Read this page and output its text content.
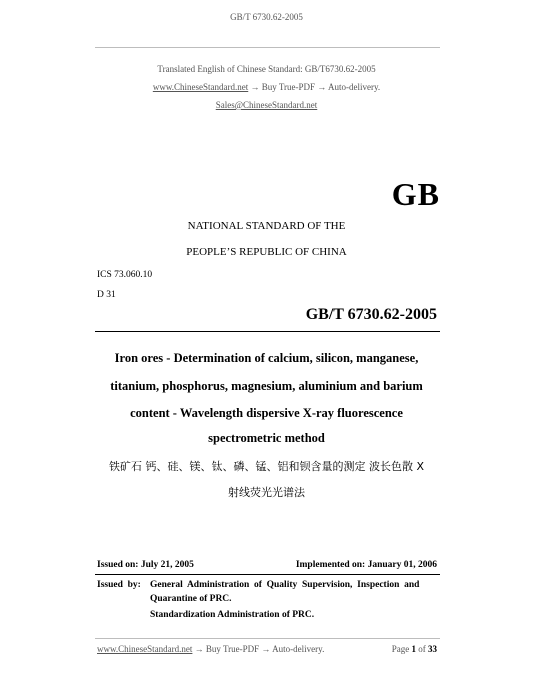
GB/T 6730.62-2005
Translated English of Chinese Standard: GB/T6730.62-2005
www.ChineseStandard.net → Buy True-PDF → Auto-delivery.
Sales@ChineseStandard.net
GB
NATIONAL STANDARD OF THE
PEOPLE’S REPUBLIC OF CHINA
ICS 73.060.10
D 31
GB/T 6730.62-2005
Iron ores - Determination of calcium, silicon, manganese,
titanium, phosphorus, magnesium, aluminium and barium
content - Wavelength dispersive X-ray fluorescence
spectrometric method
铁矿石 钙、硅、镁、钛、磷、锰、铝和钡含量的测定 波长色散 X
射线荧光光谱法
Issued on: July 21, 2005	Implemented on: January 01, 2006
Issued  by: General  Administration  of  Quality  Supervision,  Inspection  and
Quarantine of PRC.
Standardization Administration of PRC.
www.ChineseStandard.net → Buy True-PDF → Auto-delivery.	Page 1 of 33
